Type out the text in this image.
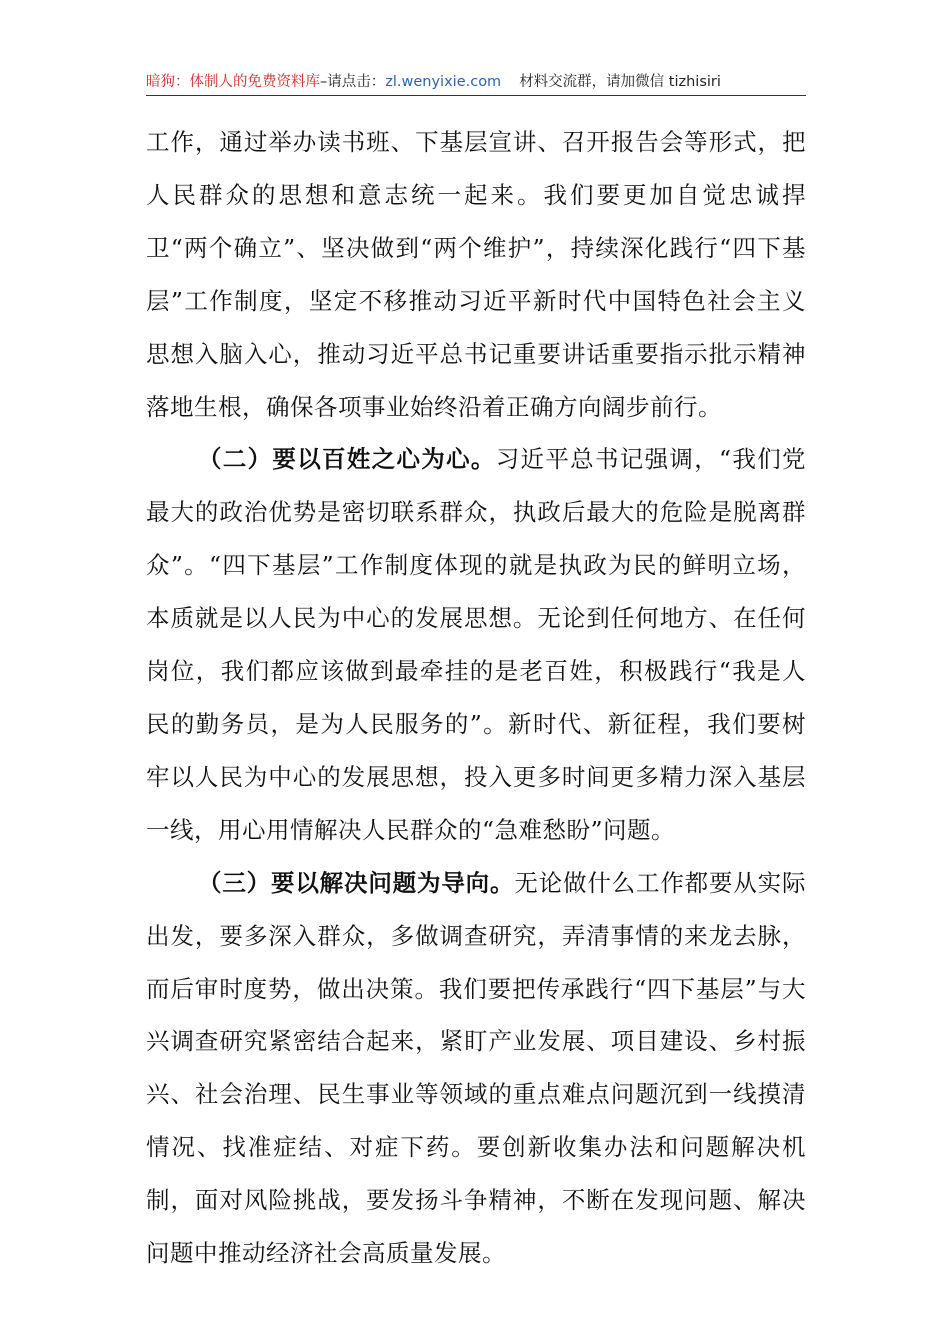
暗狗：体制人的免费资料库–请点击：zl.wenyixie.com 材料交流群，请加微信 tizhisiri

工作，通过举办读书班、下基层宣讲、召开报告会等形式，把人民群众的思想和意志统一起来。我们要更加自觉忠诚捍卫“两个确立”、坚决做到“两个维护”，持续深化践行“四下基层”工作制度，坚定不移推动习近平新时代中国特色社会主义思想入脑入心，推动习近平总书记重要讲话重要指示批示精神落地生根，确保各项事业始终沿着正确方向阔步前行。

（二）要以百姓之心为心。习近平总书记强调，“我们党最大的政治优势是密切联系群众，执政后最大的危险是脱离群众”。“四下基层”工作制度体现的就是执政为民的鲜明立场，本质就是以人民为中心的发展思想。无论到任何地方、在任何岗位，我们都应该做到最牵挂的是老百姓，积极践行“我是人民的勤务员，是为人民服务的”。新时代、新征程，我们要树牢以人民为中心的发展思想，投入更多时间更多精力深入基层一线，用心用情解决人民群众的“急难愁盼”问题。

（三）要以解决问题为导向。无论做什么工作都要从实际出发，要多深入群众，多做调查研究，弄清事情的来龙去脉，而后审时度势，做出决策。我们要把传承践行“四下基层”与大兴调查研究紧密结合起来，紧盯产业发展、项目建设、乡村振兴、社会治理、民生事业等领域的重点难点问题沉到一线摸清情况、找准症结、对症下药。要创新收集办法和问题解决机制，面对风险挑战，要发扬斗争精神，不断在发现问题、解决问题中推动经济社会高质量发展。
